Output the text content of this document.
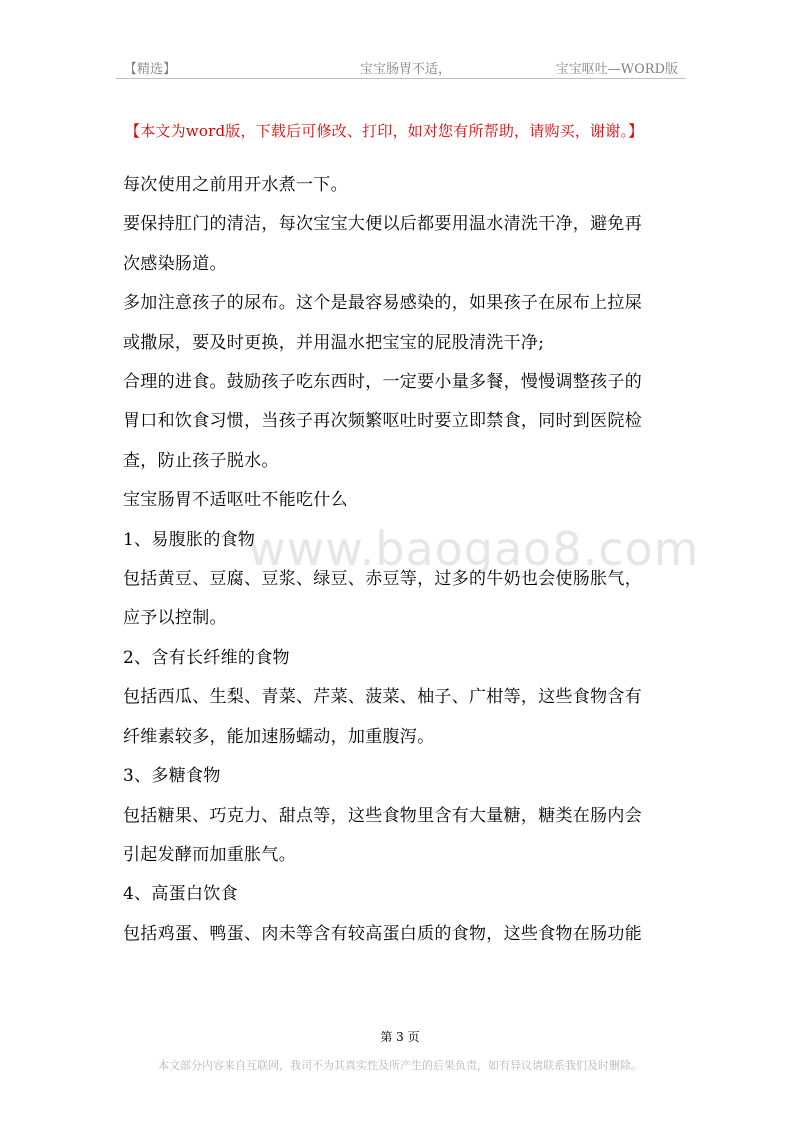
【精选】	宝宝肠胃不适，	宝宝呕吐—WORD版
【本文为word版，下载后可修改、打印，如对您有所帮助，请购买，谢谢。】
www.baogao8.com

每次使用之前用开水煮一下。

要保持肛门的清洁，每次宝宝大便以后都要用温水清洗干净，避免再

次感染肠道。

多加注意孩子的尿布。这个是最容易感染的，如果孩子在尿布上拉屎

或撒尿，要及时更换，并用温水把宝宝的屁股清洗干净;

合理的进食。鼓励孩子吃东西时，一定要小量多餐，慢慢调整孩子的

胃口和饮食习惯，当孩子再次频繁呕吐时要立即禁食，同时到医院检

查，防止孩子脱水。

宝宝肠胃不适呕吐不能吃什么

1、易腹胀的食物

包括黄豆、豆腐、豆浆、绿豆、赤豆等，过多的牛奶也会使肠胀气，

应予以控制。

2、含有长纤维的食物

包括西瓜、生梨、青菜、芹菜、菠菜、柚子、广柑等，这些食物含有

纤维素较多，能加速肠蠕动，加重腹泻。

3、多糖食物

包括糖果、巧克力、甜点等，这些食物里含有大量糖，糖类在肠内会

引起发酵而加重胀气。

4、高蛋白饮食

包括鸡蛋、鸭蛋、肉未等含有较高蛋白质的食物，这些食物在肠功能

第 3 页
本文部分内容来自互联网，我司不为其真实性及所产生的后果负责，如有异议请联系我们及时删除。
